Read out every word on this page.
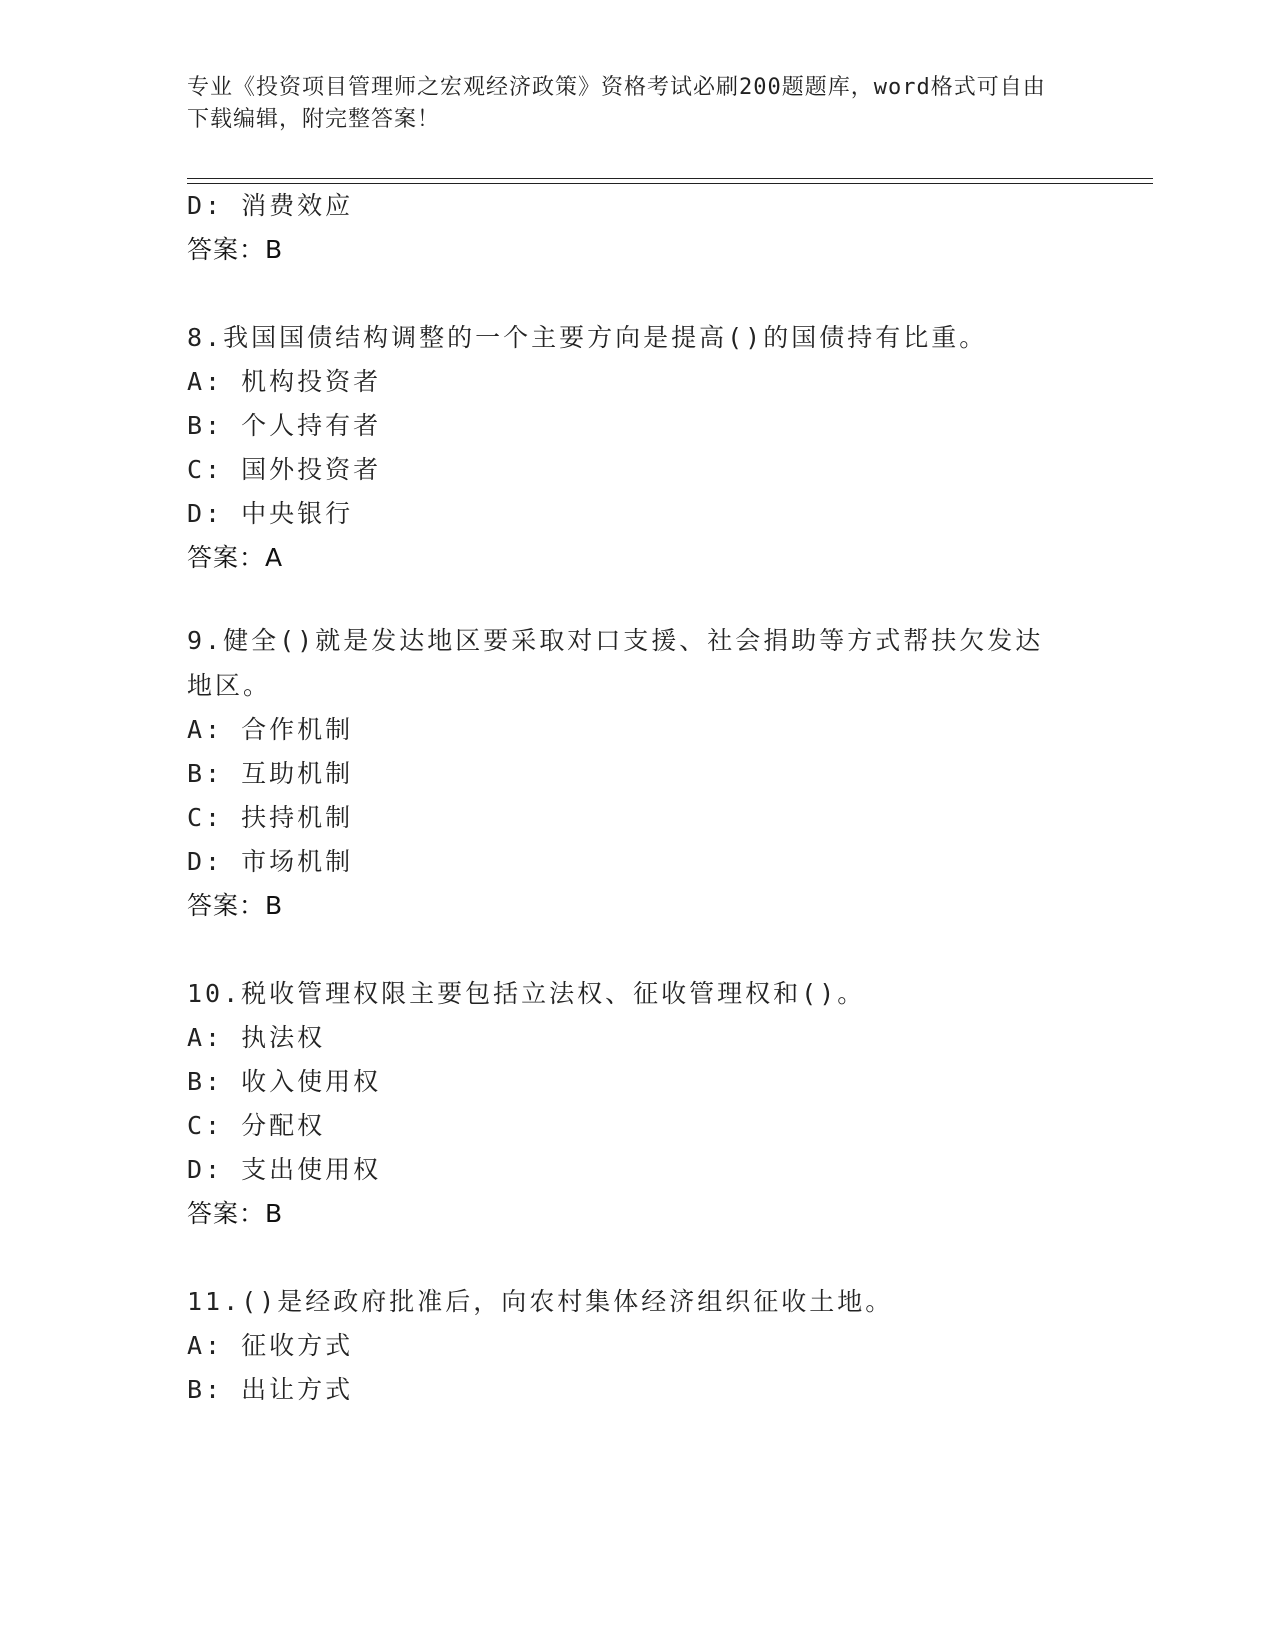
专业《投资项目管理师之宏观经济政策》资格考试必刷200题题库，word格式可自由下载编辑，附完整答案！
D: 消费效应
答案：B
8.我国国债结构调整的一个主要方向是提高()的国债持有比重。
A: 机构投资者
B: 个人持有者
C: 国外投资者
D: 中央银行
答案：A
9.健全()就是发达地区要采取对口支援、社会捐助等方式帮扶欠发达地区。
A: 合作机制
B: 互助机制
C: 扶持机制
D: 市场机制
答案：B
10.税收管理权限主要包括立法权、征收管理权和()。
A: 执法权
B: 收入使用权
C: 分配权
D: 支出使用权
答案：B
11.()是经政府批准后，向农村集体经济组织征收土地。
A: 征收方式
B: 出让方式
